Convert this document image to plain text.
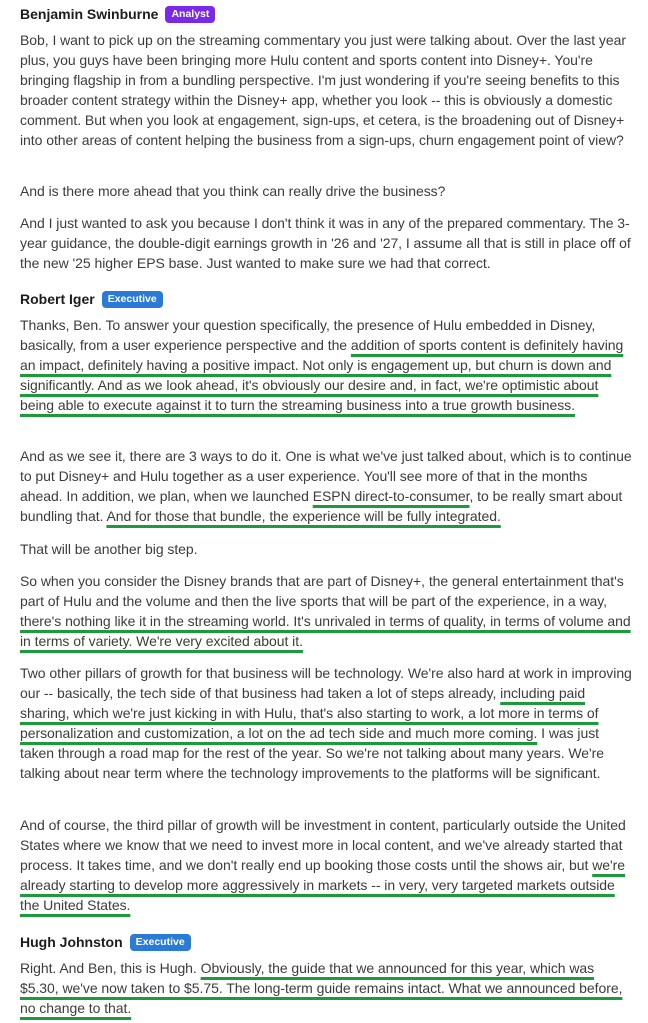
Benjamin Swinburne	Analyst

Bob, I want to pick up on the streaming commentary you just were talking about. Over the last year plus, you guys have been bringing more Hulu content and sports content into Disney+. You're bringing flagship in from a bundling perspective. I'm just wondering if you're seeing benefits to this broader content strategy within the Disney+ app, whether you look -- this is obviously a domestic comment. But when you look at engagement, sign-ups, et cetera, is the broadening out of Disney+ into other areas of content helping the business from a sign-ups, churn engagement point of view?

And is there more ahead that you think can really drive the business?

And I just wanted to ask you because I don't think it was in any of the prepared commentary. The 3-year guidance, the double-digit earnings growth in '26 and '27, I assume all that is still in place off of the new '25 higher EPS base. Just wanted to make sure we had that correct.

Robert Iger	Executive

Thanks, Ben. To answer your question specifically, the presence of Hulu embedded in Disney, basically, from a user experience perspective and the addition of sports content is definitely having an impact, definitely having a positive impact. Not only is engagement up, but churn is down and significantly. And as we look ahead, it's obviously our desire and, in fact, we're optimistic about being able to execute against it to turn the streaming business into a true growth business.

And as we see it, there are 3 ways to do it. One is what we've just talked about, which is to continue to put Disney+ and Hulu together as a user experience. You'll see more of that in the months ahead. In addition, we plan, when we launched ESPN direct-to-consumer, to be really smart about bundling that. And for those that bundle, the experience will be fully integrated.

That will be another big step.

So when you consider the Disney brands that are part of Disney+, the general entertainment that's part of Hulu and the volume and then the live sports that will be part of the experience, in a way, there's nothing like it in the streaming world. It's unrivaled in terms of quality, in terms of volume and in terms of variety. We're very excited about it.

Two other pillars of growth for that business will be technology. We're also hard at work in improving our -- basically, the tech side of that business had taken a lot of steps already, including paid sharing, which we're just kicking in with Hulu, that's also starting to work, a lot more in terms of personalization and customization, a lot on the ad tech side and much more coming. I was just taken through a road map for the rest of the year. So we're not talking about many years. We're talking about near term where the technology improvements to the platforms will be significant.

And of course, the third pillar of growth will be investment in content, particularly outside the United States where we know that we need to invest more in local content, and we've already started that process. It takes time, and we don't really end up booking those costs until the shows air, but we're already starting to develop more aggressively in markets -- in very, very targeted markets outside the United States.

Hugh Johnston	Executive

Right. And Ben, this is Hugh. Obviously, the guide that we announced for this year, which was $5.30, we've now taken to $5.75. The long-term guide remains intact. What we announced before, no change to that.
